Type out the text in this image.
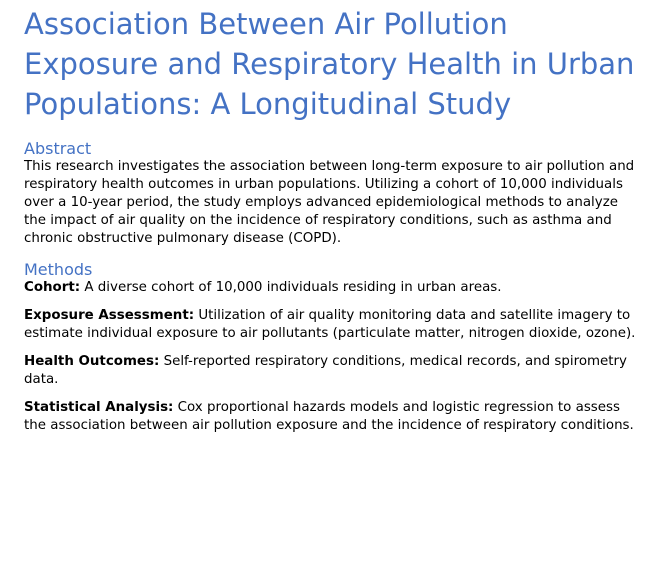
Association Between Air Pollution Exposure and Respiratory Health in Urban Populations: A Longitudinal Study
Abstract

This research investigates the association between long-term exposure to air pollution and respiratory health outcomes in urban populations. Utilizing a cohort of 10,000 individuals over a 10-year period, the study employs advanced epidemiological methods to analyze the impact of air quality on the incidence of respiratory conditions, such as asthma and chronic obstructive pulmonary disease (COPD).

Methods

Cohort: A diverse cohort of 10,000 individuals residing in urban areas.

Exposure Assessment: Utilization of air quality monitoring data and satellite imagery to estimate individual exposure to air pollutants (particulate matter, nitrogen dioxide, ozone).

Health Outcomes: Self-reported respiratory conditions, medical records, and spirometry data.

Statistical Analysis: Cox proportional hazards models and logistic regression to assess the association between air pollution exposure and the incidence of respiratory conditions.
